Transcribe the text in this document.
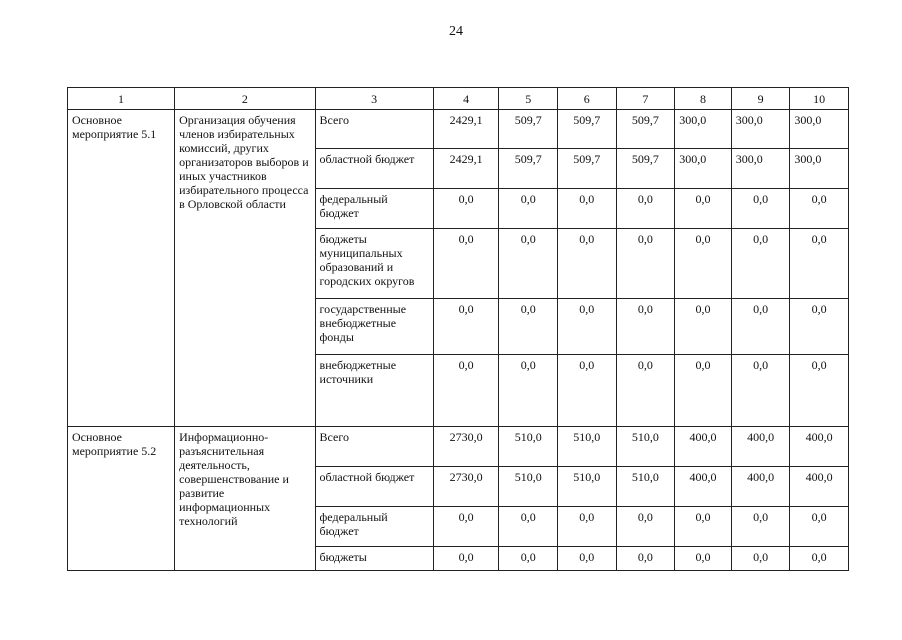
24
1	2	3	4	5	6	7	8	9	10
Основное мероприятие 5.1	Организация обучения членов избирательных комиссий, других организаторов выборов и иных участников избирательного процесса в Орловской области	Всего	2429,1	509,7	509,7	509,7	300,0	300,0	300,0
		областной бюджет	2429,1	509,7	509,7	509,7	300,0	300,0	300,0
		федеральный бюджет	0,0	0,0	0,0	0,0	0,0	0,0	0,0
		бюджеты муниципальных образований и городских округов	0,0	0,0	0,0	0,0	0,0	0,0	0,0
		государственные внебюджетные фонды	0,0	0,0	0,0	0,0	0,0	0,0	0,0
		внебюджетные источники	0,0	0,0	0,0	0,0	0,0	0,0	0,0
Основное мероприятие 5.2	Информационно-разъяснительная деятельность, совершенствование и развитие информационных технологий	Всего	2730,0	510,0	510,0	510,0	400,0	400,0	400,0
		областной бюджет	2730,0	510,0	510,0	510,0	400,0	400,0	400,0
		федеральный бюджет	0,0	0,0	0,0	0,0	0,0	0,0	0,0
		бюджеты	0,0	0,0	0,0	0,0	0,0	0,0	0,0
